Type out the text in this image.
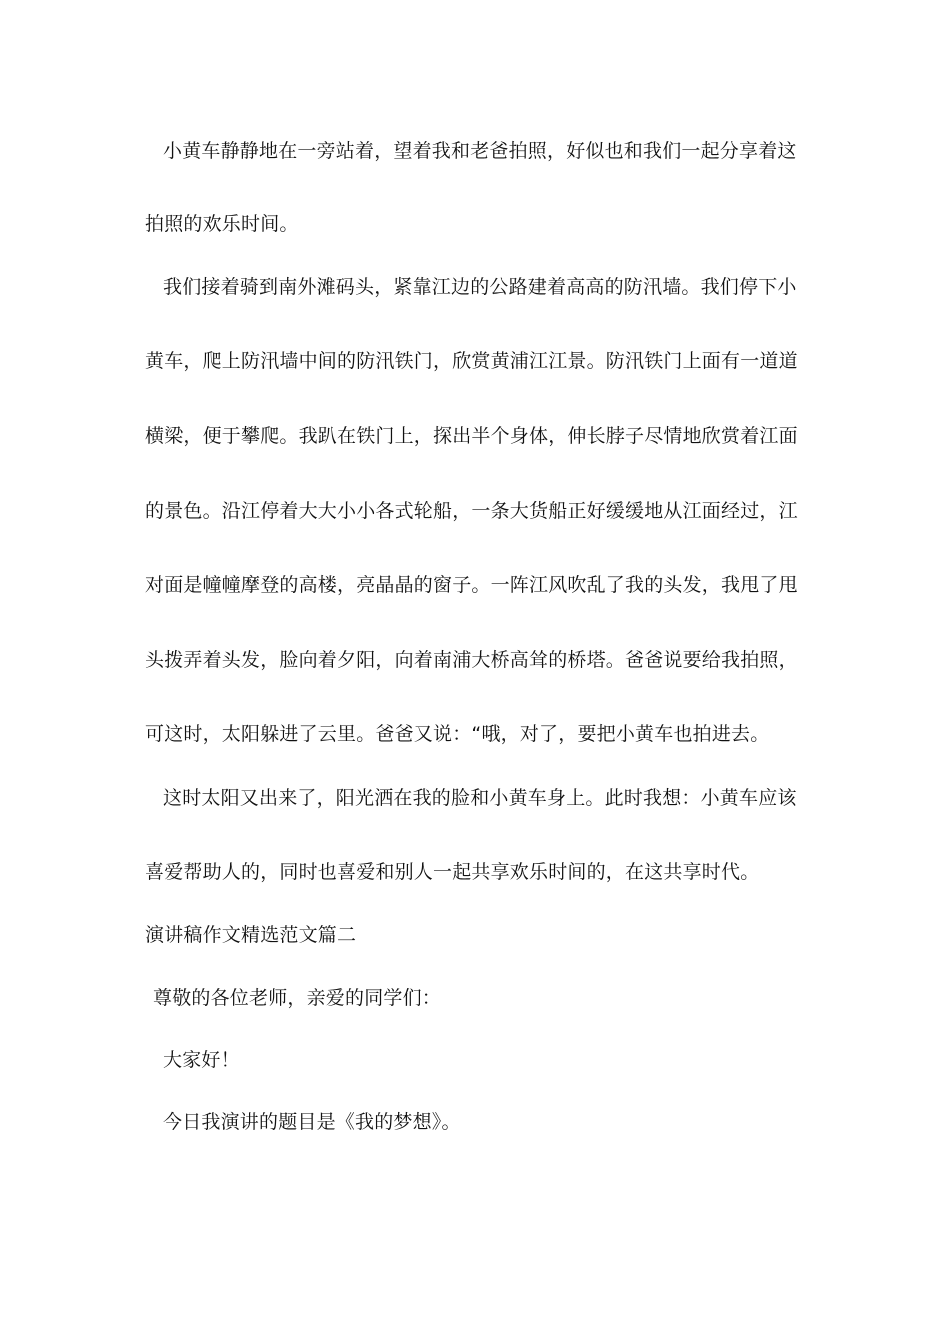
小黄车静静地在一旁站着，望着我和老爸拍照，好似也和我们一起分享着这
拍照的欢乐时间。
我们接着骑到南外滩码头，紧靠江边的公路建着高高的防汛墙。我们停下小
黄车，爬上防汛墙中间的防汛铁门，欣赏黄浦江江景。防汛铁门上面有一道道
横梁，便于攀爬。我趴在铁门上，探出半个身体，伸长脖子尽情地欣赏着江面
的景色。沿江停着大大小小各式轮船，一条大货船正好缓缓地从江面经过，江
对面是幢幢摩登的高楼，亮晶晶的窗子。一阵江风吹乱了我的头发，我甩了甩
头拨弄着头发，脸向着夕阳，向着南浦大桥高耸的桥塔。爸爸说要给我拍照，
可这时，太阳躲进了云里。爸爸又说：“哦，对了，要把小黄车也拍进去。
这时太阳又出来了，阳光洒在我的脸和小黄车身上。此时我想：小黄车应该
喜爱帮助人的，同时也喜爱和别人一起共享欢乐时间的，在这共享时代。
演讲稿作文精选范文篇二
尊敬的各位老师，亲爱的同学们：
大家好！
今日我演讲的题目是《我的梦想》。
